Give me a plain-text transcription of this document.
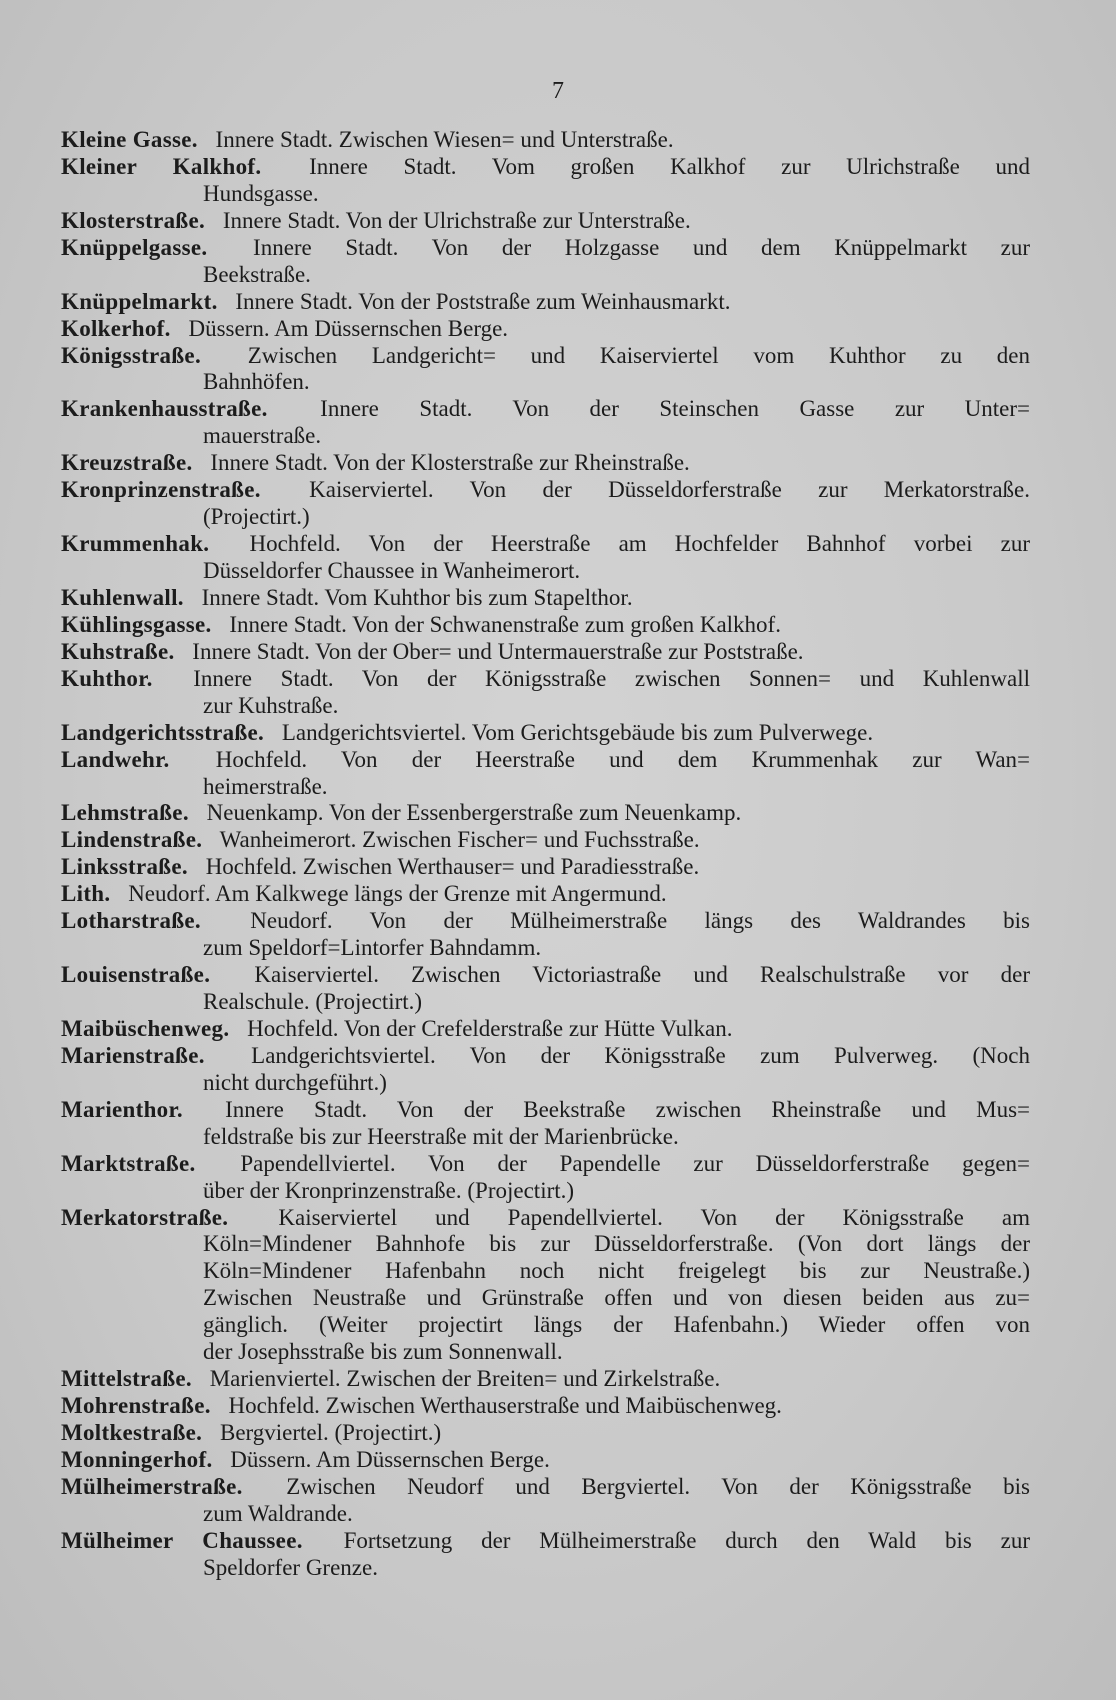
7
Kleine Gasse. Innere Stadt. Zwischen Wiesen= und Unterstraße.
Kleiner Kalkhof. Innere Stadt. Vom großen Kalkhof zur Ulrichstraße und
Hundsgasse.
Klosterstraße. Innere Stadt. Von der Ulrichstraße zur Unterstraße.
Knüppelgasse. Innere Stadt. Von der Holzgasse und dem Knüppelmarkt zur
Beekstraße.
Knüppelmarkt. Innere Stadt. Von der Poststraße zum Weinhausmarkt.
Kolkerhof. Düssern. Am Düssernschen Berge.
Königsstraße. Zwischen Landgericht= und Kaiserviertel vom Kuhthor zu den
Bahnhöfen.
Krankenhausstraße. Innere Stadt. Von der Steinschen Gasse zur Unter=
mauerstraße.
Kreuzstraße. Innere Stadt. Von der Klosterstraße zur Rheinstraße.
Kronprinzenstraße. Kaiserviertel. Von der Düsseldorferstraße zur Merkatorstraße.
(Projectirt.)
Krummenhak. Hochfeld. Von der Heerstraße am Hochfelder Bahnhof vorbei zur
Düsseldorfer Chaussee in Wanheimerort.
Kuhlenwall. Innere Stadt. Vom Kuhthor bis zum Stapelthor.
Kühlingsgasse. Innere Stadt. Von der Schwanenstraße zum großen Kalkhof.
Kuhstraße. Innere Stadt. Von der Ober= und Untermauerstraße zur Poststraße.
Kuhthor. Innere Stadt. Von der Königsstraße zwischen Sonnen= und Kuhlenwall
zur Kuhstraße.
Landgerichtsstraße. Landgerichtsviertel. Vom Gerichtsgebäude bis zum Pulverwege.
Landwehr. Hochfeld. Von der Heerstraße und dem Krummenhak zur Wan=
heimerstraße.
Lehmstraße. Neuenkamp. Von der Essenbergerstraße zum Neuenkamp.
Lindenstraße. Wanheimerort. Zwischen Fischer= und Fuchsstraße.
Linksstraße. Hochfeld. Zwischen Werthauser= und Paradiesstraße.
Lith. Neudorf. Am Kalkwege längs der Grenze mit Angermund.
Lotharstraße. Neudorf. Von der Mülheimerstraße längs des Waldrandes bis
zum Speldorf=Lintorfer Bahndamm.
Louisenstraße. Kaiserviertel. Zwischen Victoriastraße und Realschulstraße vor der
Realschule. (Projectirt.)
Maibüschenweg. Hochfeld. Von der Crefelderstraße zur Hütte Vulkan.
Marienstraße. Landgerichtsviertel. Von der Königsstraße zum Pulverweg. (Noch
nicht durchgeführt.)
Marienthor. Innere Stadt. Von der Beekstraße zwischen Rheinstraße und Mus=
feldstraße bis zur Heerstraße mit der Marienbrücke.
Marktstraße. Papendellviertel. Von der Papendelle zur Düsseldorferstraße gegen=
über der Kronprinzenstraße. (Projectirt.)
Merkatorstraße. Kaiserviertel und Papendellviertel. Von der Königsstraße am
Köln=Mindener Bahnhofe bis zur Düsseldorferstraße. (Von dort längs der
Köln=Mindener Hafenbahn noch nicht freigelegt bis zur Neustraße.)
Zwischen Neustraße und Grünstraße offen und von diesen beiden aus zu=
gänglich. (Weiter projectirt längs der Hafenbahn.) Wieder offen von
der Josephsstraße bis zum Sonnenwall.
Mittelstraße. Marienviertel. Zwischen der Breiten= und Zirkelstraße.
Mohrenstraße. Hochfeld. Zwischen Werthauserstraße und Maibüschenweg.
Moltkestraße. Bergviertel. (Projectirt.)
Monningerhof. Düssern. Am Düssernschen Berge.
Mülheimerstraße. Zwischen Neudorf und Bergviertel. Von der Königsstraße bis
zum Waldrande.
Mülheimer Chaussee. Fortsetzung der Mülheimerstraße durch den Wald bis zur
Speldorfer Grenze.
